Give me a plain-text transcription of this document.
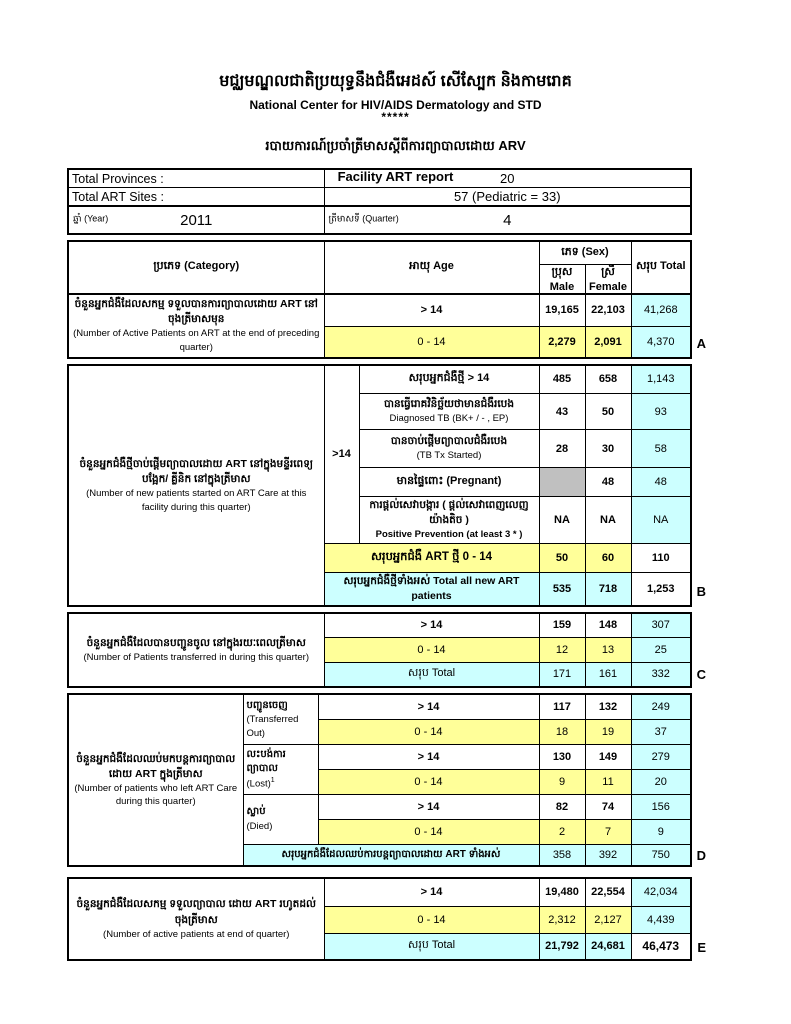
មជ្ឈមណ្ឌលជាតិប្រយុទ្ធនឹងជំងឺអេដស៍ សើស្បែក និងកាមរោគ
National Center for HIV/AIDS Dermatology and STD
*****
របាយការណ៍ប្រចាំត្រីមាសស្ដីពីការព្យាបាលដោយ ARV
Facility ART report
Total Provinces :	20
Total ART Sites :	57 (Pediatric = 33)

ឆ្នាំ (Year) 2011	ត្រីមាសទី (Quarter) 4
ប្រភេទ (Category)	អាយុ Age	ភេទ (Sex)		សរុប Total
		ប្រុស Male	ស្រី Female	
ចំនួនអ្នកជំងឺដែលសកម្ម ទទួលបានការព្យាបាលដោយ ART នៅ ចុងត្រីមាសមុន
(Number of Active Patients on ART at the end of preceding quarter)	> 14	19,165	22,103	41,268
	0 - 14	2,279	2,091	4,370 A
ចំនួនអ្នកជំងឺថ្មីចាប់ផ្ដើមព្យាបាលដោយ ART នៅក្នុងមន្ទីរពេទ្យបង្អែក/ គ្លីនិក នៅក្នុងត្រីមាស
(Number of new patients started on ART Care at this facility during this quarter)	>14	សរុបអ្នកជំងឺថ្មី > 14	485	658	1,143
		បានធ្វើរោគវិនិច្ឆ័យថាមានជំងឺរបេង
Diagnosed TB (BK+ / - , EP)	43	50	93
		បានចាប់ផ្ដើមព្យាបាលជំងឺរបេង
(TB Tx Started)	28	30	58
		មានផ្ទៃពោះ (Pregnant)		48	48
		ការផ្ដល់សេវាបង្ការ ( ផ្ដល់សេវាពេញលេញយ៉ាងតិច )
Positive Prevention (at least 3 * )	NA	NA	NA
	សរុបអ្នកជំងឺ ART ថ្មី 0 - 14		50	60	110
	សរុបអ្នកជំងឺថ្មីទាំងអស់ Total all new ART patients		535	718	1,253 B
ចំនួនអ្នកជំងឺដែលបានបញ្ជូនចូល នៅក្នុងរយៈពេលត្រីមាស
(Number of Patients transferred in during this quarter)	> 14	159	148	307
	0 - 14	12	13	25
	សរុប Total	171	161	332 C
ចំនួនអ្នកជំងឺដែលឈប់មកបន្តការព្យាបាលដោយ ART ក្នុងត្រីមាស
(Number of patients who left ART Care during this quarter)	បញ្ជូនចេញ
(Transferred Out)	> 14	117	132	249
		0 - 14	18	19	37
	លះបង់ការព្យាបាល
(Lost)$^1$	> 14	130	149	279
		0 - 14	9	11	20
	ស្លាប់
(Died)	> 14	82	74	156
		0 - 14	2	7	9
	សរុបអ្នកជំងឺដែលឈប់ការបន្តព្យាបាលដោយ ART ទាំងអស់		358	392	750 D
ចំនួនអ្នកជំងឺដែលសកម្ម ទទួលព្យាបាល ដោយ ART រហូតដល់ចុងត្រីមាស
(Number of active patients at end of quarter)	> 14	19,480	22,554	42,034
	0 - 14	2,312	2,127	4,439
	សរុប Total	21,792	24,681	46,473 E
